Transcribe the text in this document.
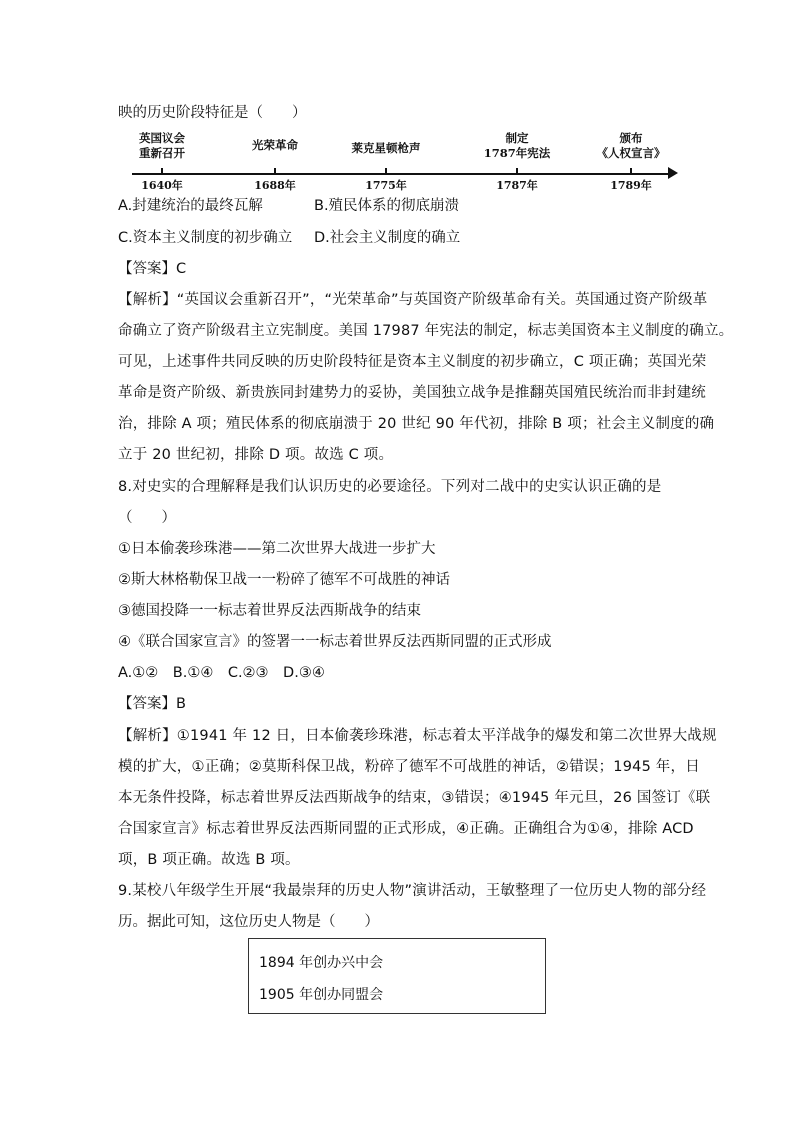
映的历史阶段特征是（　　）
英国议会
重新召开
光荣革命	莱克星顿枪声
制定
1787年宪法
颁布
《人权宣言》
1640年	1688年	1775年	1787年	1789年
A.封建统治的最终瓦解	B.殖民体系的彻底崩溃
C.资本主义制度的初步确立 D.社会主义制度的确立
【答案】C
【解析】“英国议会重新召开”，“光荣革命”与英国资产阶级革命有关。英国通过资产阶级革
命确立了资产阶级君主立宪制度。美国 17987 年宪法的制定，标志美国资本主义制度的确立。
可见，上述事件共同反映的历史阶段特征是资本主义制度的初步确立，C 项正确；英国光荣
革命是资产阶级、新贵族同封建势力的妥协，美国独立战争是推翻英国殖民统治而非封建统
治，排除 A 项；殖民体系的彻底崩溃于 20 世纪 90 年代初，排除 B 项；社会主义制度的确
立于 20 世纪初，排除 D 项。故选 C 项。
8.对史实的合理解释是我们认识历史的必要途径。下列对二战中的史实认识正确的是
（　　）
①日本偷袭珍珠港——第二次世界大战进一步扩大
②斯大林格勒保卫战一一粉碎了德军不可战胜的神话
③德国投降一一标志着世界反法西斯战争的结束
④《联合国家宣言》的签署一一标志着世界反法西斯同盟的正式形成
A.①②　B.①④　C.②③　D.③④
【答案】B
【解析】①1941 年 12 日，日本偷袭珍珠港，标志着太平洋战争的爆发和第二次世界大战规
模的扩大，①正确；②莫斯科保卫战，粉碎了德军不可战胜的神话，②错误；1945 年，日
本无条件投降，标志着世界反法西斯战争的结束，③错误；④1945 年元旦，26 国签订《联
合国家宣言》标志着世界反法西斯同盟的正式形成，④正确。正确组合为①④，排除 ACD
项，B 项正确。故选 B 项。
9.某校八年级学生开展“我最崇拜的历史人物”演讲活动，王敏整理了一位历史人物的部分经
历。据此可知，这位历史人物是（　　）
1894 年创办兴中会
1905 年创办同盟会
